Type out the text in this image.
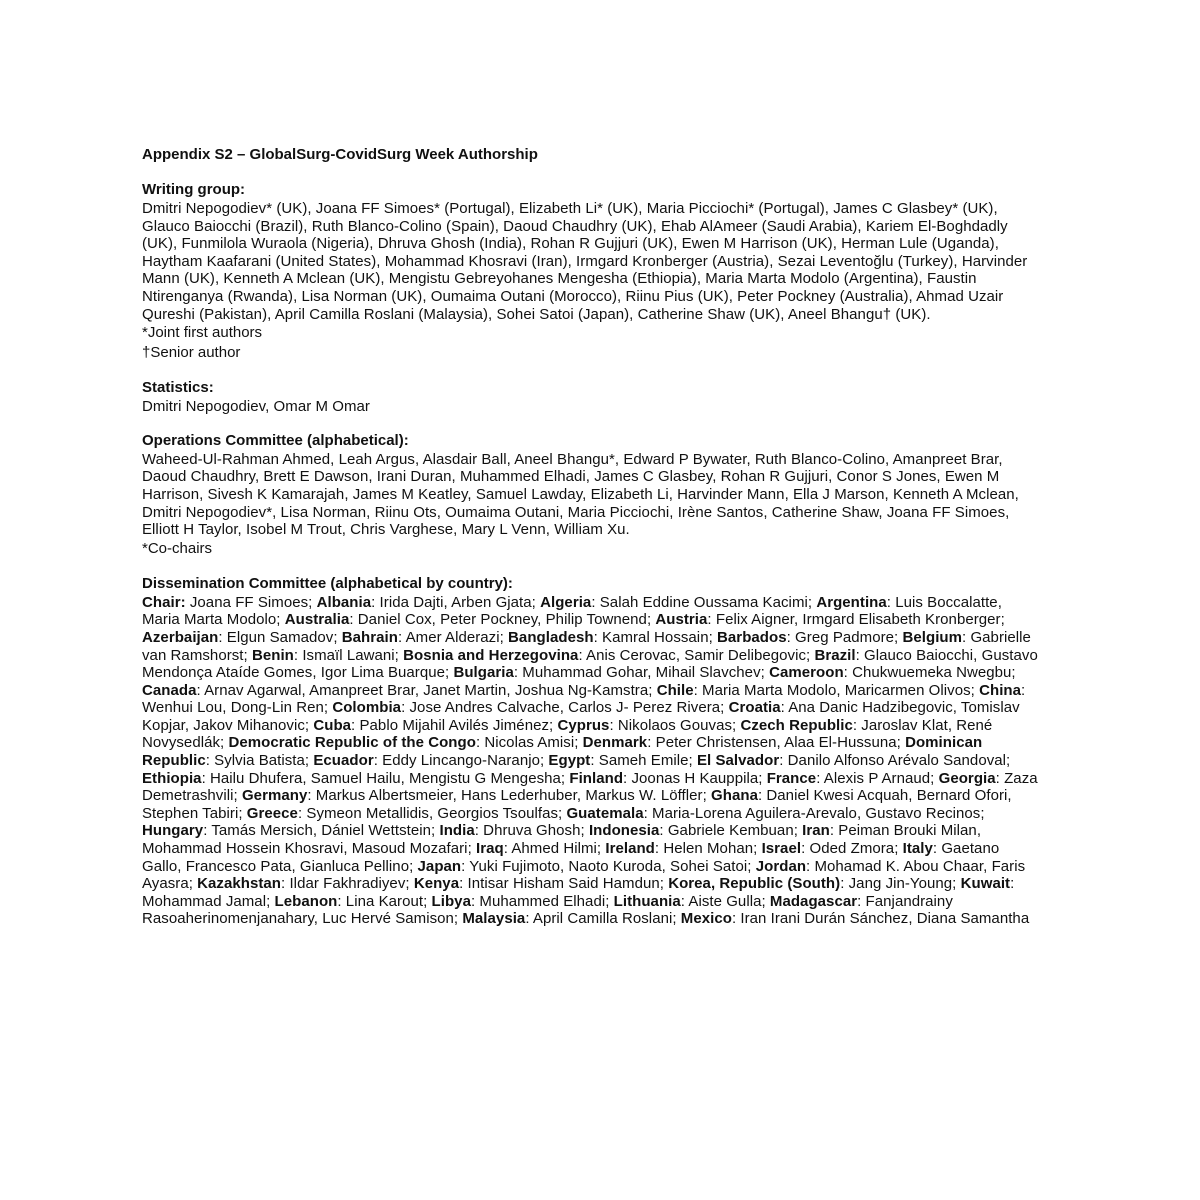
Appendix S2 – GlobalSurg-CovidSurg Week Authorship

Writing group:

Dmitri Nepogodiev* (UK), Joana FF Simoes* (Portugal), Elizabeth Li* (UK), Maria Picciochi* (Portugal), James C Glasbey* (UK), Glauco Baiocchi (Brazil), Ruth Blanco-Colino (Spain), Daoud Chaudhry (UK), Ehab AlAmeer (Saudi Arabia), Kariem El-Boghdadly (UK), Funmilola Wuraola (Nigeria), Dhruva Ghosh (India), Rohan R Gujjuri (UK), Ewen M Harrison (UK), Herman Lule (Uganda), Haytham Kaafarani (United States), Mohammad Khosravi (Iran), Irmgard Kronberger (Austria), Sezai Leventoğlu (Turkey), Harvinder Mann (UK), Kenneth A Mclean (UK), Mengistu Gebreyohanes Mengesha (Ethiopia), Maria Marta Modolo (Argentina), Faustin Ntirenganya (Rwanda), Lisa Norman (UK), Oumaima Outani (Morocco), Riinu Pius (UK), Peter Pockney (Australia), Ahmad Uzair Qureshi (Pakistan), April Camilla Roslani (Malaysia), Sohei Satoi (Japan), Catherine Shaw (UK), Aneel Bhangu† (UK).

*Joint first authors

†Senior author

Statistics:

Dmitri Nepogodiev, Omar M Omar

Operations Committee (alphabetical):

Waheed-Ul-Rahman Ahmed, Leah Argus, Alasdair Ball, Aneel Bhangu*, Edward P Bywater, Ruth Blanco-Colino, Amanpreet Brar, Daoud Chaudhry, Brett E Dawson, Irani Duran, Muhammed Elhadi, James C Glasbey, Rohan R Gujjuri, Conor S Jones, Ewen M Harrison, Sivesh K Kamarajah, James M Keatley, Samuel Lawday, Elizabeth Li, Harvinder Mann, Ella J Marson, Kenneth A Mclean, Dmitri Nepogodiev*, Lisa Norman, Riinu Ots, Oumaima Outani, Maria Picciochi, Irène Santos, Catherine Shaw, Joana FF Simoes, Elliott H Taylor, Isobel M Trout, Chris Varghese, Mary L Venn, William Xu.

*Co-chairs

Dissemination Committee (alphabetical by country):

Chair: Joana FF Simoes; Albania: Irida Dajti, Arben Gjata; Algeria: Salah Eddine Oussama Kacimi; Argentina: Luis Boccalatte, Maria Marta Modolo; Australia: Daniel Cox, Peter Pockney, Philip Townend; Austria: Felix Aigner, Irmgard Elisabeth Kronberger; Azerbaijan: Elgun Samadov; Bahrain: Amer Alderazi; Bangladesh: Kamral Hossain; Barbados: Greg Padmore; Belgium: Gabrielle van Ramshorst; Benin: Ismaïl Lawani; Bosnia and Herzegovina: Anis Cerovac, Samir Delibegovic; Brazil: Glauco Baiocchi, Gustavo Mendonça Ataíde Gomes, Igor Lima Buarque; Bulgaria: Muhammad Gohar, Mihail Slavchev; Cameroon: Chukwuemeka Nwegbu; Canada: Arnav Agarwal, Amanpreet Brar, Janet Martin, Joshua Ng-Kamstra; Chile: Maria Marta Modolo, Maricarmen Olivos; China: Wenhui Lou, Dong-Lin Ren; Colombia: Jose Andres Calvache, Carlos J- Perez Rivera; Croatia: Ana Danic Hadzibegovic, Tomislav Kopjar, Jakov Mihanovic; Cuba: Pablo Mijahil Avilés Jiménez; Cyprus: Nikolaos Gouvas; Czech Republic: Jaroslav Klat, René Novysedlák; Democratic Republic of the Congo: Nicolas Amisi; Denmark: Peter Christensen, Alaa El-Hussuna; Dominican Republic: Sylvia Batista; Ecuador: Eddy Lincango-Naranjo; Egypt: Sameh Emile; El Salvador: Danilo Alfonso Arévalo Sandoval; Ethiopia: Hailu Dhufera, Samuel Hailu, Mengistu G Mengesha; Finland: Joonas H Kauppila; France: Alexis P Arnaud; Georgia: Zaza Demetrashvili; Germany: Markus Albertsmeier, Hans Lederhuber, Markus W. Löffler; Ghana: Daniel Kwesi Acquah, Bernard Ofori, Stephen Tabiri; Greece: Symeon Metallidis, Georgios Tsoulfas; Guatemala: Maria-Lorena Aguilera-Arevalo, Gustavo Recinos; Hungary: Tamás Mersich, Dániel Wettstein; India: Dhruva Ghosh; Indonesia: Gabriele Kembuan; Iran: Peiman Brouki Milan, Mohammad Hossein Khosravi, Masoud Mozafari; Iraq: Ahmed Hilmi; Ireland: Helen Mohan; Israel: Oded Zmora; Italy: Gaetano Gallo, Francesco Pata, Gianluca Pellino; Japan: Yuki Fujimoto, Naoto Kuroda, Sohei Satoi; Jordan: Mohamad K. Abou Chaar, Faris Ayasra; Kazakhstan: Ildar Fakhradiyev; Kenya: Intisar Hisham Said Hamdun; Korea, Republic (South): Jang Jin-Young; Kuwait: Mohammad Jamal; Lebanon: Lina Karout; Libya: Muhammed Elhadi; Lithuania: Aiste Gulla; Madagascar: Fanjandrainy Rasoaherinomenjanahary, Luc Hervé Samison; Malaysia: April Camilla Roslani; Mexico: Iran Irani Durán Sánchez, Diana Samantha
